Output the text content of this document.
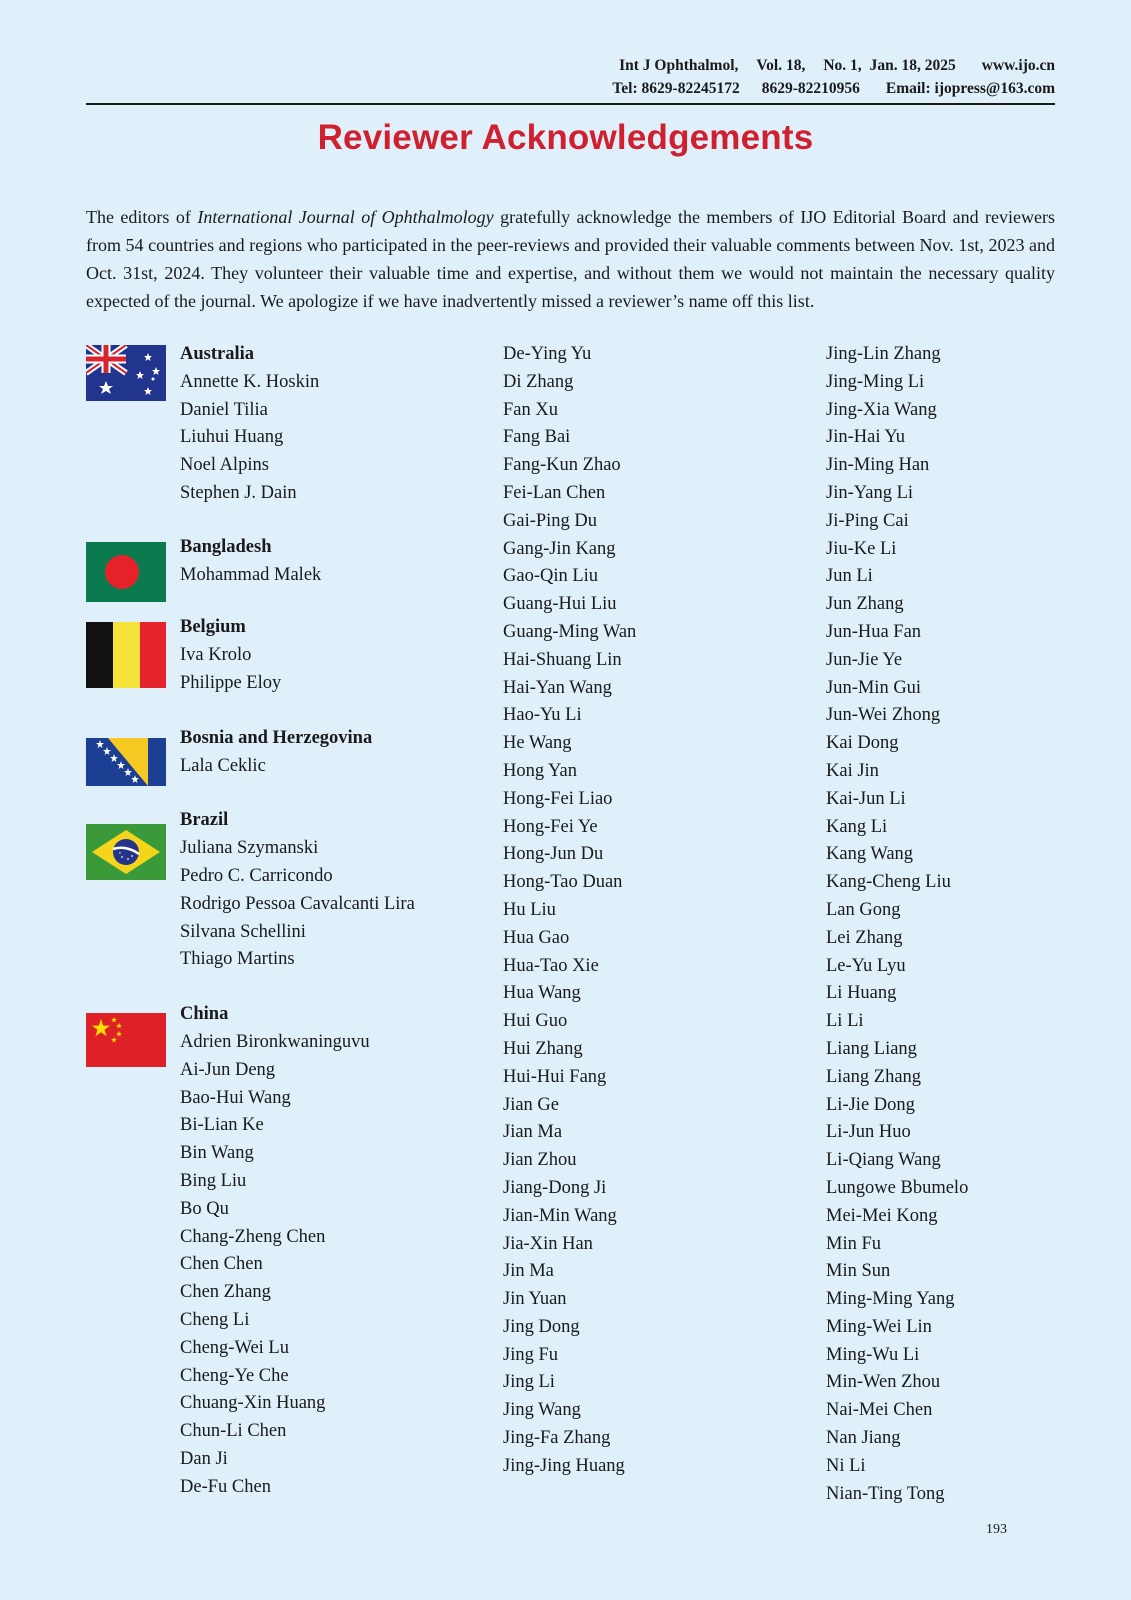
Int J Ophthalmol, Vol. 18, No. 1, Jan. 18, 2025 www.ijo.cn
Tel: 8629-82245172 8629-82210956 Email: ijopress@163.com
Reviewer Acknowledgements
The editors of International Journal of Ophthalmology gratefully acknowledge the members of IJO Editorial Board and reviewers from 54 countries and regions who participated in the peer-reviews and provided their valuable comments between Nov. 1st, 2023 and Oct. 31st, 2024. They volunteer their valuable time and expertise, and without them we would not maintain the necessary quality expected of the journal. We apologize if we have inadvertently missed a reviewer’s name off this list.
Australia
Annette K. Hoskin
Daniel Tilia
Liuhui Huang
Noel Alpins
Stephen J. Dain
Bangladesh
Mohammad Malek
Belgium
Iva Krolo
Philippe Eloy
Bosnia and Herzegovina
Lala Ceklic
Brazil
Juliana Szymanski
Pedro C. Carricondo
Rodrigo Pessoa Cavalcanti Lira
Silvana Schellini
Thiago Martins
China
Adrien Bironkwaninguvu
Ai-Jun Deng
Bao-Hui Wang
Bi-Lian Ke
Bin Wang
Bing Liu
Bo Qu
Chang-Zheng Chen
Chen Chen
Chen Zhang
Cheng Li
Cheng-Wei Lu
Cheng-Ye Che
Chuang-Xin Huang
Chun-Li Chen
Dan Ji
De-Fu Chen
De-Ying Yu
Di Zhang
Fan Xu
Fang Bai
Fang-Kun Zhao
Fei-Lan Chen
Gai-Ping Du
Gang-Jin Kang
Gao-Qin Liu
Guang-Hui Liu
Guang-Ming Wan
Hai-Shuang Lin
Hai-Yan Wang
Hao-Yu Li
He Wang
Hong Yan
Hong-Fei Liao
Hong-Fei Ye
Hong-Jun Du
Hong-Tao Duan
Hu Liu
Hua Gao
Hua-Tao Xie
Hua Wang
Hui Guo
Hui Zhang
Hui-Hui Fang
Jian Ge
Jian Ma
Jian Zhou
Jiang-Dong Ji
Jian-Min Wang
Jia-Xin Han
Jin Ma
Jin Yuan
Jing Dong
Jing Fu
Jing Li
Jing Wang
Jing-Fa Zhang
Jing-Jing Huang
Jing-Lin Zhang
Jing-Ming Li
Jing-Xia Wang
Jin-Hai Yu
Jin-Ming Han
Jin-Yang Li
Ji-Ping Cai
Jiu-Ke Li
Jun Li
Jun Zhang
Jun-Hua Fan
Jun-Jie Ye
Jun-Min Gui
Jun-Wei Zhong
Kai Dong
Kai Jin
Kai-Jun Li
Kang Li
Kang Wang
Kang-Cheng Liu
Lan Gong
Lei Zhang
Le-Yu Lyu
Li Huang
Li Li
Liang Liang
Liang Zhang
Li-Jie Dong
Li-Jun Huo
Li-Qiang Wang
Lungowe Bbumelo
Mei-Mei Kong
Min Fu
Min Sun
Ming-Ming Yang
Ming-Wei Lin
Ming-Wu Li
Min-Wen Zhou
Nai-Mei Chen
Nan Jiang
Ni Li
Nian-Ting Tong
193
